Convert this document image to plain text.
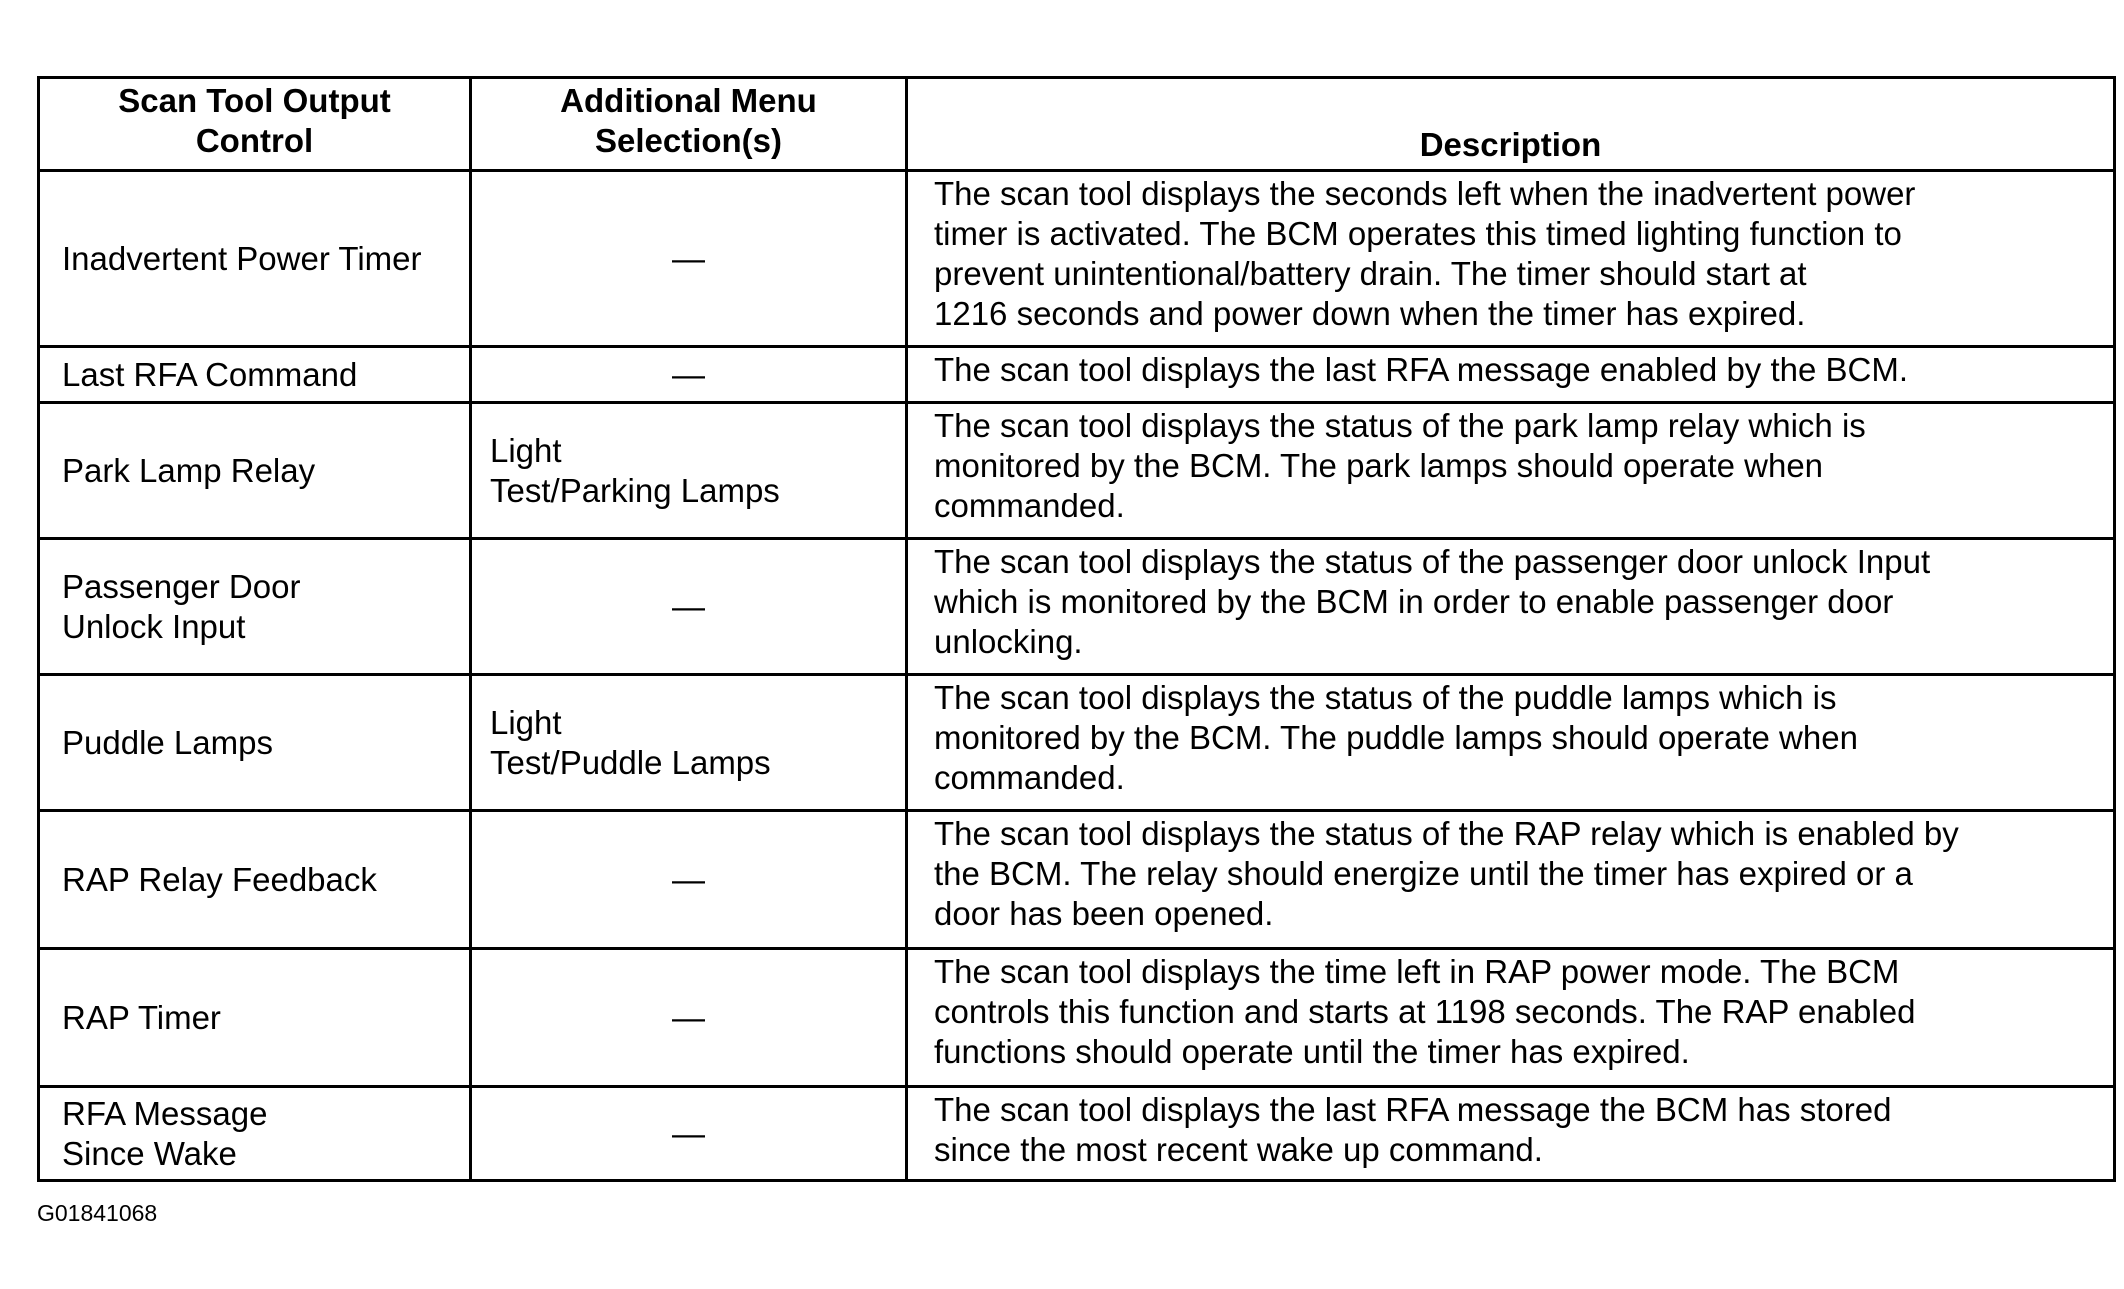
Scan Tool Output
Control	Additional Menu
Selection(s)	Description

Inadvertent Power Timer	—	The scan tool displays the seconds left when the inadvertent power
timer is activated. The BCM operates this timed lighting function to
prevent unintentional/battery drain. The timer should start at
1216 seconds and power down when the timer has expired.

Last RFA Command	—	The scan tool displays the last RFA message enabled by the BCM.

Park Lamp Relay	Light
Test/Parking Lamps	The scan tool displays the status of the park lamp relay which is
monitored by the BCM. The park lamps should operate when
commanded.

Passenger Door
Unlock Input	—	The scan tool displays the status of the passenger door unlock Input
which is monitored by the BCM in order to enable passenger door
unlocking.

Puddle Lamps	Light
Test/Puddle Lamps	The scan tool displays the status of the puddle lamps which is
monitored by the BCM. The puddle lamps should operate when
commanded.

RAP Relay Feedback	—	The scan tool displays the status of the RAP relay which is enabled by
the BCM. The relay should energize until the timer has expired or a
door has been opened.

RAP Timer	—	The scan tool displays the time left in RAP power mode. The BCM
controls this function and starts at 1198 seconds. The RAP enabled
functions should operate until the timer has expired.

RFA Message
Since Wake	—	The scan tool displays the last RFA message the BCM has stored
since the most recent wake up command.
G01841068
